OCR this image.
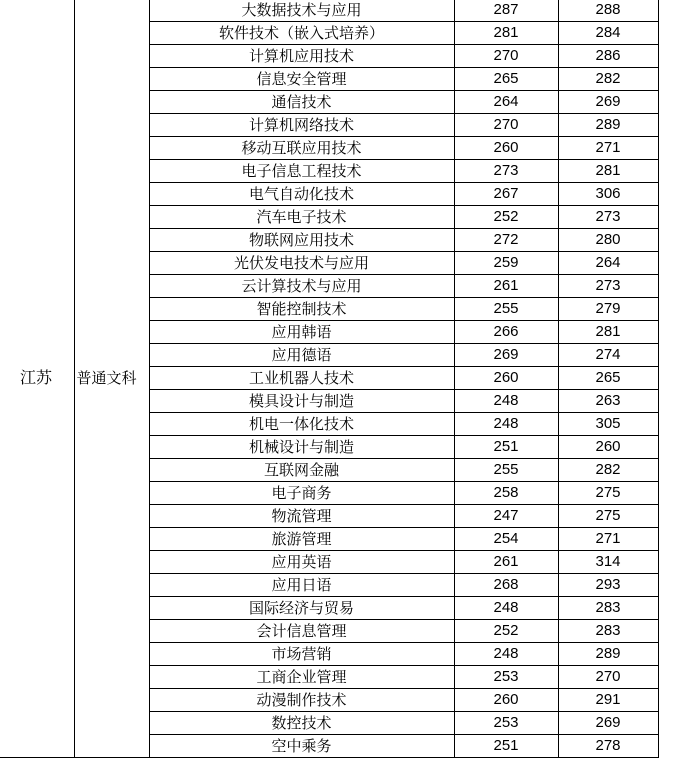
江苏	普通文科	大数据技术与应用	287	288
		软件技术（嵌入式培养）	281	284
		计算机应用技术	270	286
		信息安全管理	265	282
		通信技术	264	269
		计算机网络技术	270	289
		移动互联应用技术	260	271
		电子信息工程技术	273	281
		电气自动化技术	267	306
		汽车电子技术	252	273
		物联网应用技术	272	280
		光伏发电技术与应用	259	264
		云计算技术与应用	261	273
		智能控制技术	255	279
		应用韩语	266	281
		应用德语	269	274
		工业机器人技术	260	265
		模具设计与制造	248	263
		机电一体化技术	248	305
		机械设计与制造	251	260
		互联网金融	255	282
		电子商务	258	275
		物流管理	247	275
		旅游管理	254	271
		应用英语	261	314
		应用日语	268	293
		国际经济与贸易	248	283
		会计信息管理	252	283
		市场营销	248	289
		工商企业管理	253	270
		动漫制作技术	260	291
		数控技术	253	269
		空中乘务	251	278
